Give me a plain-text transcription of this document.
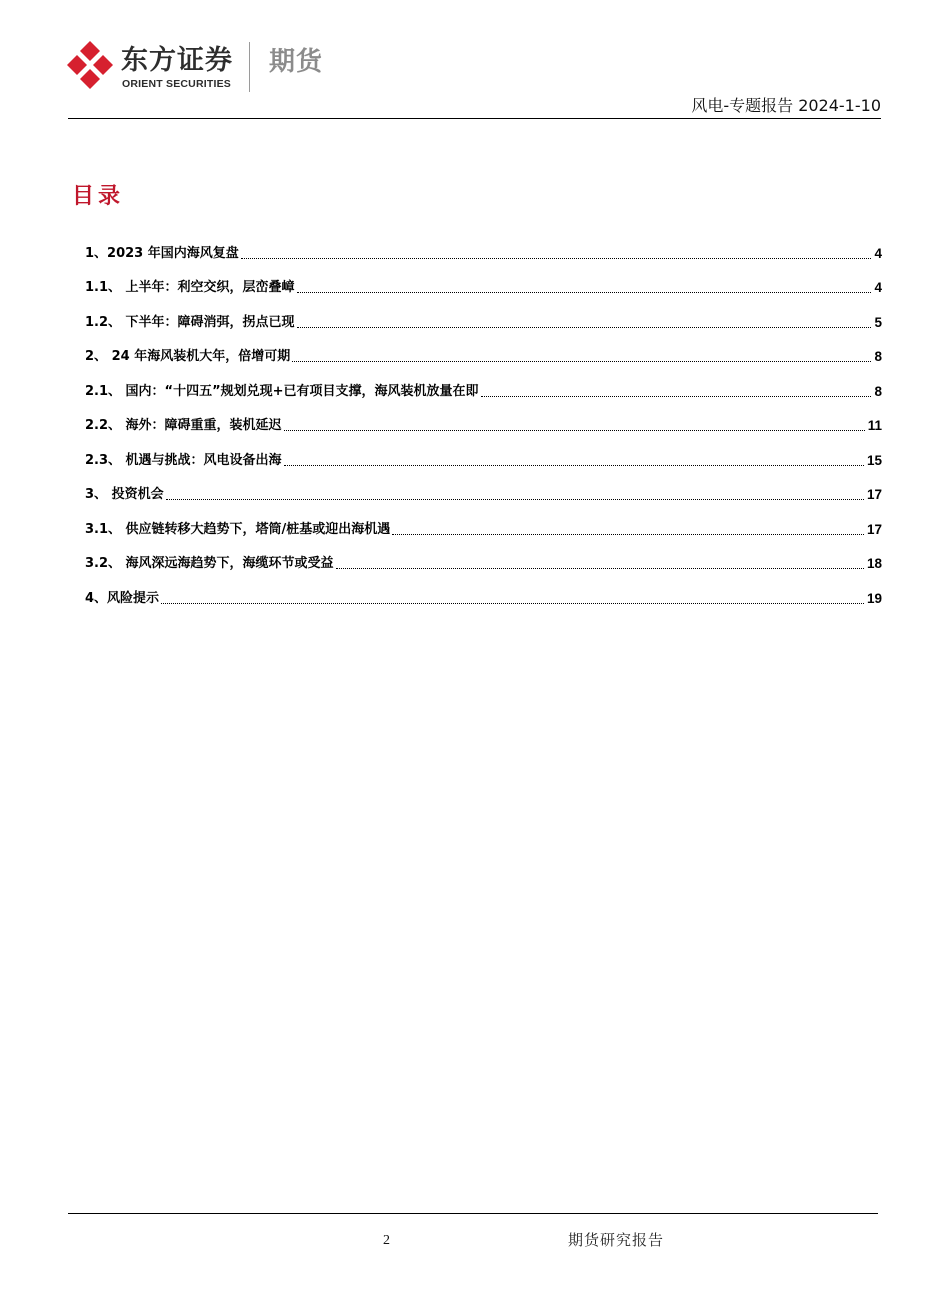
东方证券
ORIENT SECURITIES
期货
风电-专题报告 2024-1-10
目录
1、2023 年国内海风复盘	4
1.1、 上半年：利空交织，层峦叠嶂	4
1.2、 下半年：障碍消弭，拐点已现	5
2、 24 年海风装机大年，倍增可期	8
2.1、 国内：“十四五”规划兑现+已有项目支撑，海风装机放量在即	8
2.2、 海外：障碍重重，装机延迟	11
2.3、 机遇与挑战：风电设备出海	15
3、 投资机会	17
3.1、 供应链转移大趋势下，塔筒/桩基或迎出海机遇	17
3.2、 海风深远海趋势下，海缆环节或受益	18
4、风险提示	19
2	期货研究报告
